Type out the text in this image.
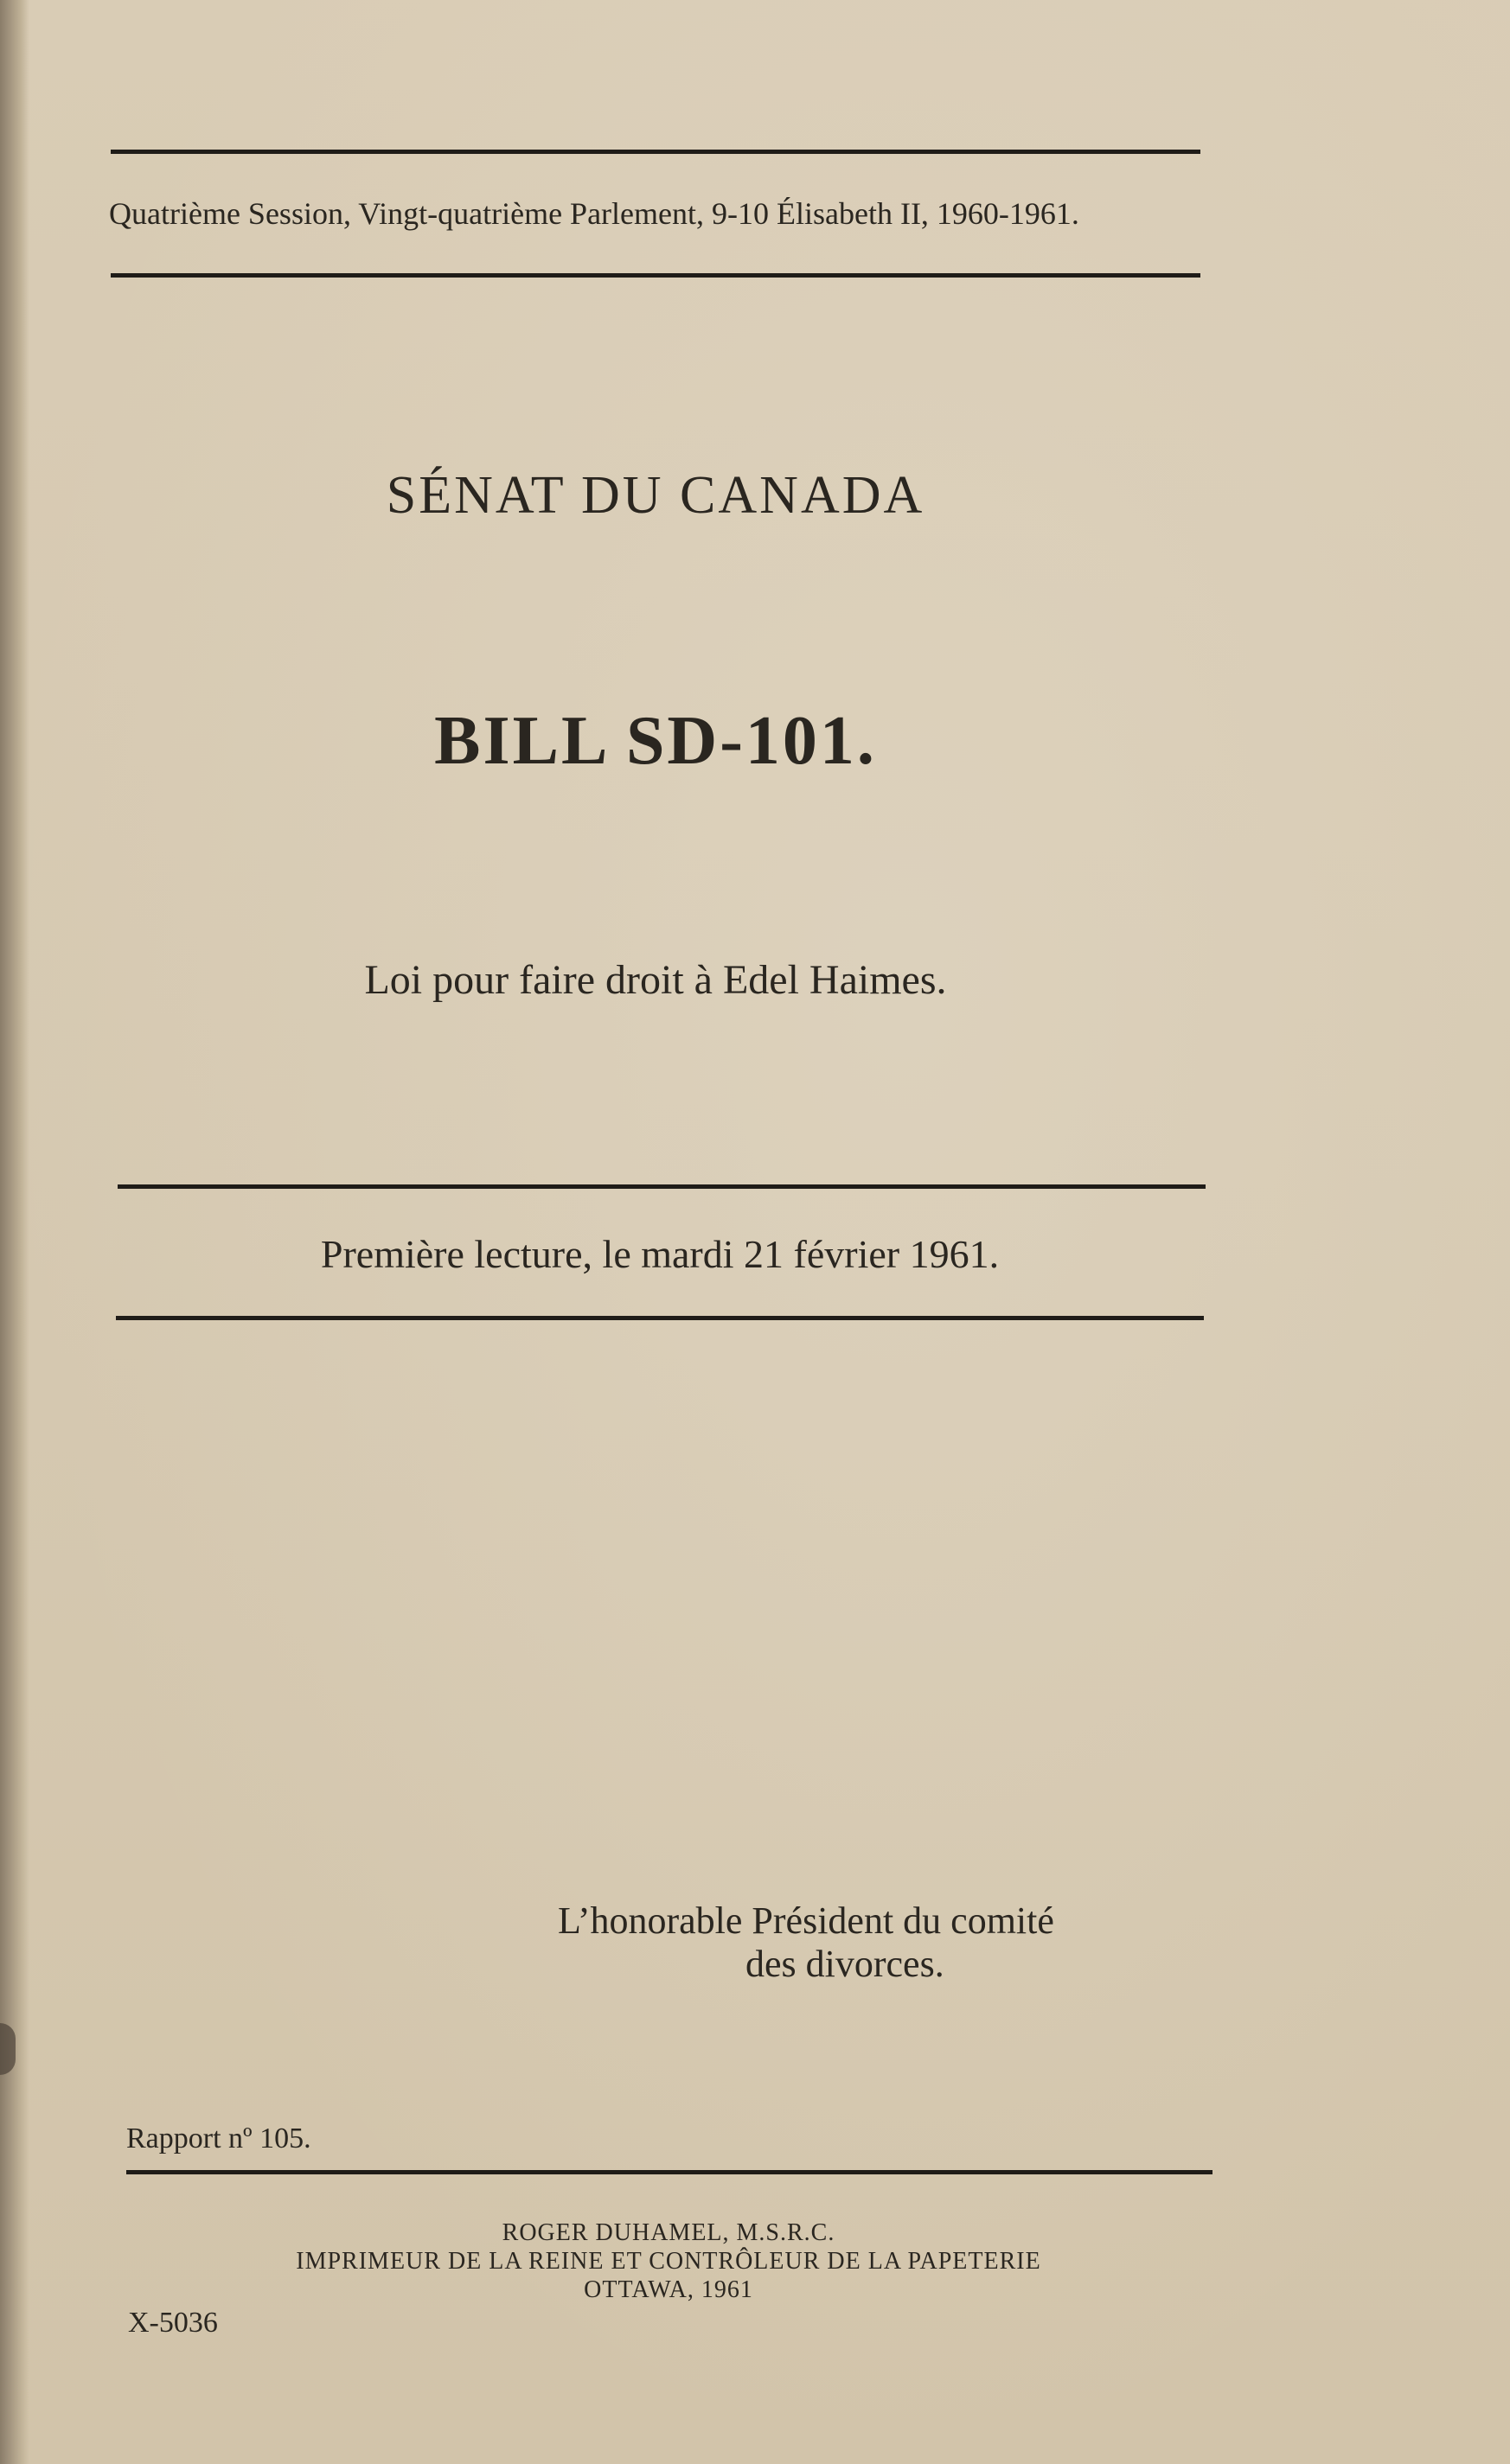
Quatrième Session, Vingt-quatrième Parlement, 9-10 Élisabeth II, 1960-1961.
SÉNAT DU CANADA
BILL SD-101.
Loi pour faire droit à Edel Haimes.
Première lecture, le mardi 21 février 1961.
L’honorable Président du comité
des divorces.
Rapport nº 105.
ROGER DUHAMEL, M.S.R.C.
IMPRIMEUR DE LA REINE ET CONTRÔLEUR DE LA PAPETERIE
OTTAWA, 1961
X-5036
